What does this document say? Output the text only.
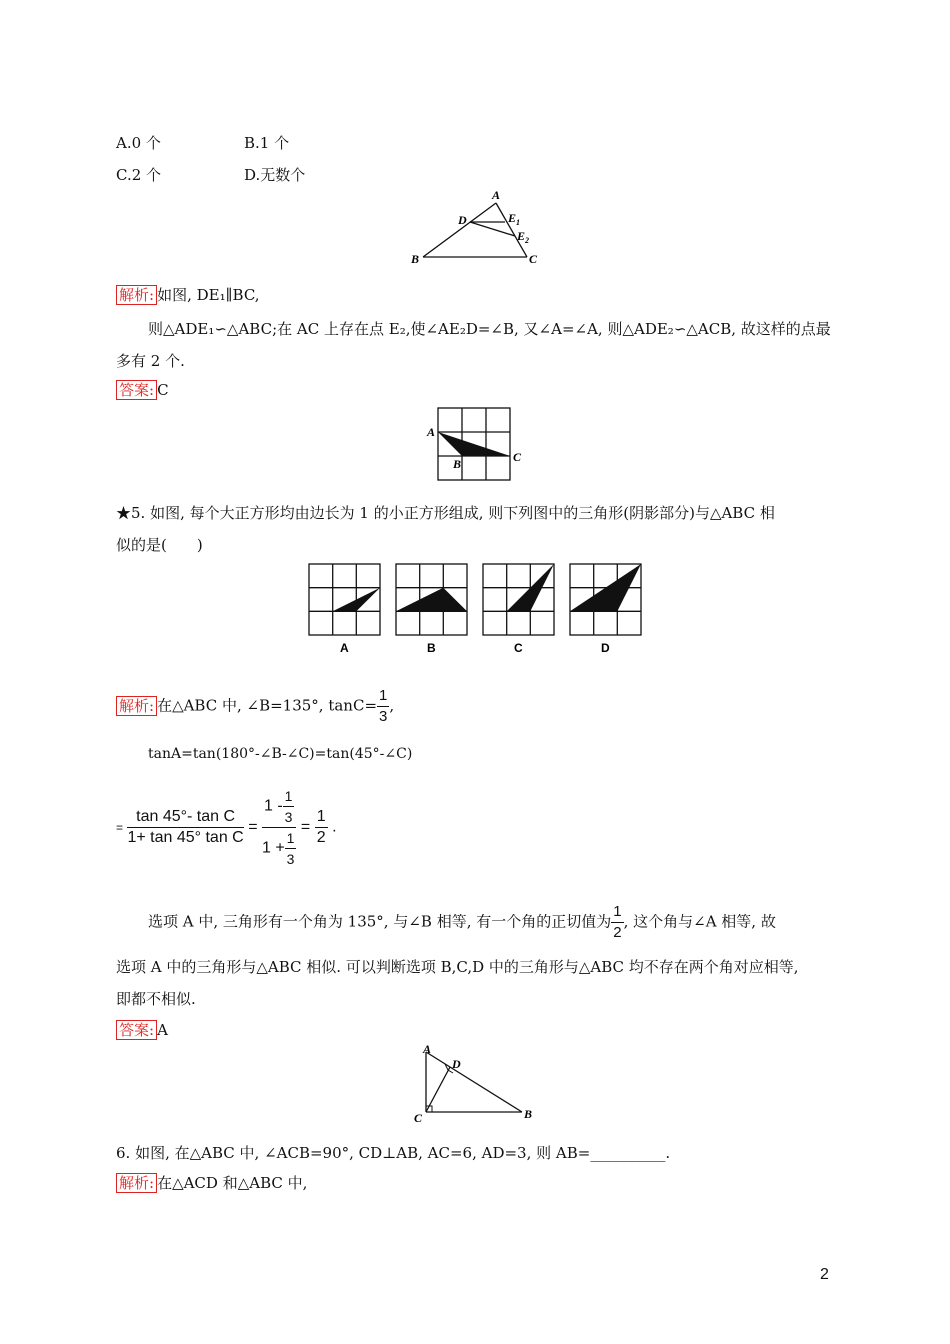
A.0 个	B.1 个
C.2 个	D.无数个
A
D	E 1
E 2
B	C
解析: 如图, DE₁∥BC,
则△ADE₁∽△ABC;在 AC 上存在点 E₂,使∠AE₂D=∠B, 又∠A=∠A, 则△ADE₂∽△ACB, 故这样的点最
多有 2 个.
答案: C
A
B	C
★5. 如图, 每个大正方形均由边长为 1 的小正方形组成, 则下列图中的三角形(阴影部分)与△ABC 相
似的是(　　)
A	B	C	D
解析: 在△ABC 中, ∠B=135°, $\tan C= \frac{1}{3}$ ,
tanA=tan(180°-∠B-∠C)=tan(45°-∠C)
= $\frac{\text{tan 45°- tan C}}{\text{1+ tan 45° tan C}} = \frac{1 - \frac{1}{3}}{1 + \frac{1}{3}} = \frac{1}{2}$ .
选项 A 中, 三角形有一个角为 135°, 与∠B 相等, 有一个角的正切值为 $\frac{1}{2}$ , 这个角与∠A 相等, 故
选项 A 中的三角形与△ABC 相似. 可以判断选项 B,C,D 中的三角形与△ABC 均不存在两个角对应相等,
即都不相似.
答案: A
A
D
C	B
6. 如图, 在△ABC 中, ∠ACB=90°, CD⊥AB, AC=6, AD=3, 则 AB=__________.
解析: 在△ACD 和△ABC 中,
2
